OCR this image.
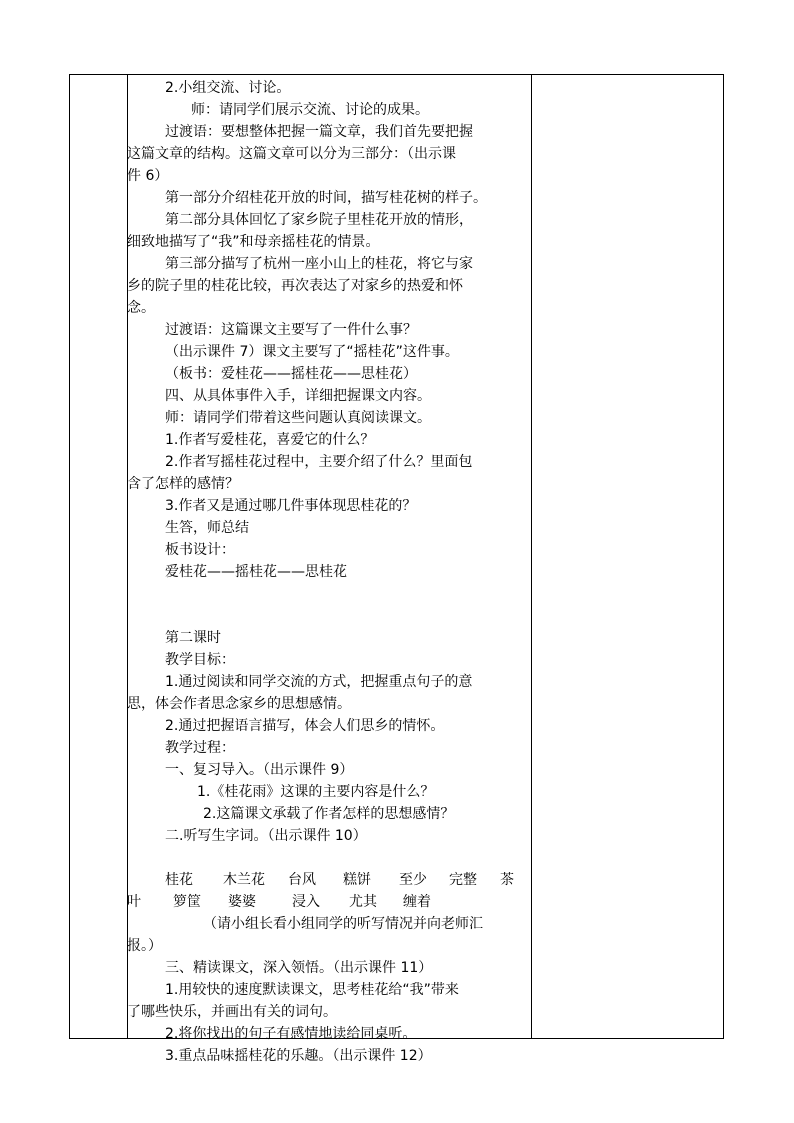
2.小组交流、讨论。
师：请同学们展示交流、讨论的成果。
过渡语：要想整体把握一篇文章，我们首先要把握
这篇文章的结构。这篇文章可以分为三部分：（出示课
件 6）
第一部分介绍桂花开放的时间，描写桂花树的样子。
第二部分具体回忆了家乡院子里桂花开放的情形，
细致地描写了“我”和母亲摇桂花的情景。
第三部分描写了杭州一座小山上的桂花，将它与家
乡的院子里的桂花比较，再次表达了对家乡的热爱和怀
念。
过渡语：这篇课文主要写了一件什么事？
（出示课件 7）课文主要写了“摇桂花”这件事。
（板书：爱桂花——摇桂花——思桂花）
四、从具体事件入手，详细把握课文内容。
师：请同学们带着这些问题认真阅读课文。
1.作者写爱桂花，喜爱它的什么？
2.作者写摇桂花过程中，主要介绍了什么？里面包
含了怎样的感情？
3.作者又是通过哪几件事体现思桂花的？
生答，师总结
板书设计：
爱桂花——摇桂花——思桂花
第二课时
教学目标：
1.通过阅读和同学交流的方式，把握重点句子的意
思，体会作者思念家乡的思想感情。
2.通过把握语言描写，体会人们思乡的情怀。
教学过程：
一、复习导入。（出示课件 9）
1.《桂花雨》这课的主要内容是什么？
2.这篇课文承载了作者怎样的思想感情？
二.听写生字词。（出示课件 10）
桂花 木兰花 台风 糕饼 至少 完整 茶
叶 箩筐 婆婆	浸入 尤其 缠着
（请小组长看小组同学的听写情况并向老师汇
报。）
三、精读课文，深入领悟。（出示课件 11）
1.用较快的速度默读课文，思考桂花给“我”带来
了哪些快乐，并画出有关的词句。
2.将你找出的句子有感情地读给同桌听。
3.重点品味摇桂花的乐趣。（出示课件 12）
